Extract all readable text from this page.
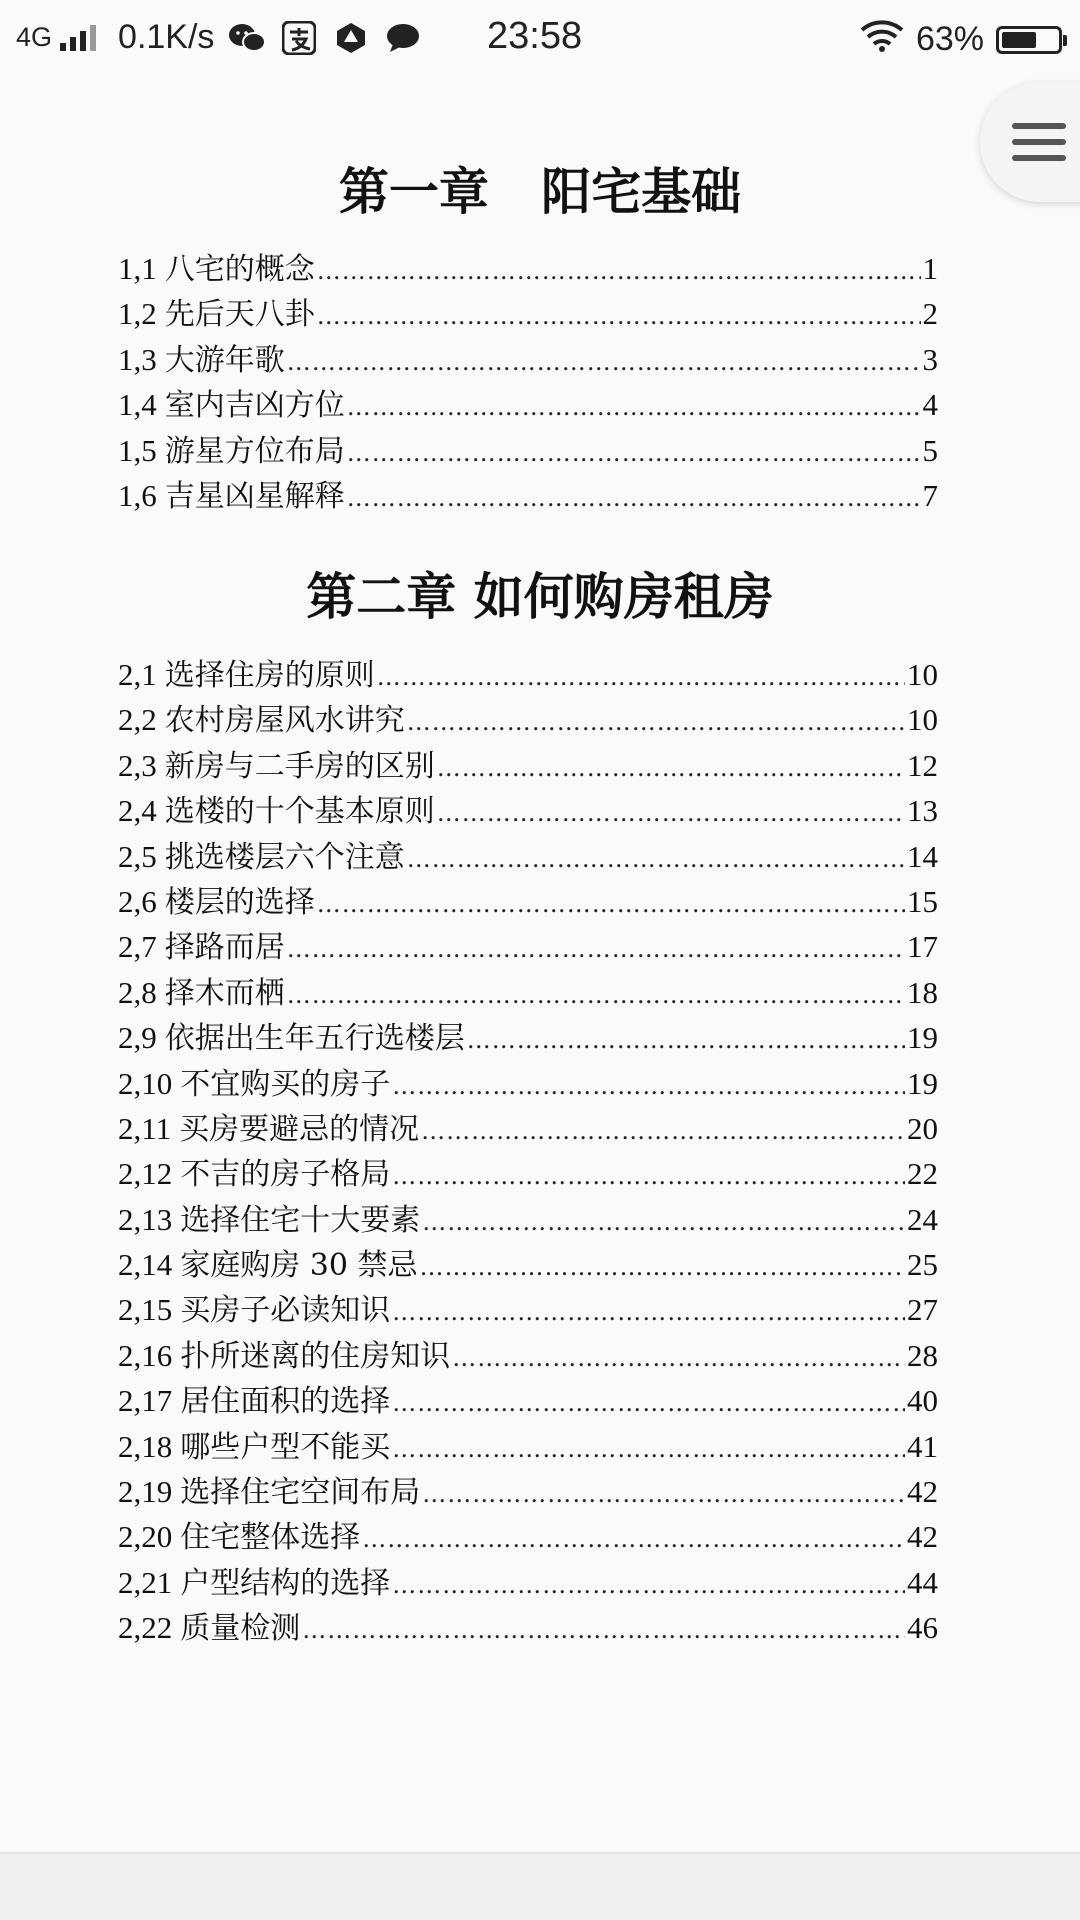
4G 0.1K/s	23:58	63%
第一章   阳宅基础
1,1 八宅的概念 ………………………………………………………………………………………………………………	1
1,2 先后天八卦 ………………………………………………………………………………………………………………	2
1,3 大游年歌 ………………………………………………………………………………………………………………	3
1,4 室内吉凶方位 ………………………………………………………………………………………………………………	4
1,5 游星方位布局 ………………………………………………………………………………………………………………	5
1,6 吉星凶星解释 ………………………………………………………………………………………………………………	7
第二章 如何购房租房
2,1 选择住房的原则 ………………………………………………………………………………………………………………	10
2,2 农村房屋风水讲究 ………………………………………………………………………………………………………………	10
2,3 新房与二手房的区别 ………………………………………………………………………………………………………………	12
2,4 选楼的十个基本原则 ………………………………………………………………………………………………………………	13
2,5 挑选楼层六个注意 ………………………………………………………………………………………………………………	14
2,6 楼层的选择 ………………………………………………………………………………………………………………	15
2,7 择路而居 ………………………………………………………………………………………………………………	17
2,8 择木而栖 ………………………………………………………………………………………………………………	18
2,9 依据出生年五行选楼层 ………………………………………………………………………………………………………………	19
2,10 不宜购买的房子 ………………………………………………………………………………………………………………	19
2,11 买房要避忌的情况 ………………………………………………………………………………………………………………	20
2,12 不吉的房子格局 ………………………………………………………………………………………………………………	22
2,13 选择住宅十大要素 ………………………………………………………………………………………………………………	24
2,14 家庭购房 30 禁忌 ………………………………………………………………………………………………………………	25
2,15 买房子必读知识 ………………………………………………………………………………………………………………	27
2,16 扑所迷离的住房知识 ………………………………………………………………………………………………………………	28
2,17 居住面积的选择 ………………………………………………………………………………………………………………	40
2,18 哪些户型不能买 ………………………………………………………………………………………………………………	41
2,19 选择住宅空间布局 ………………………………………………………………………………………………………………	42
2,20 住宅整体选择 ………………………………………………………………………………………………………………	42
2,21 户型结构的选择 ………………………………………………………………………………………………………………	44
2,22 质量检测 ………………………………………………………………………………………………………………	46
